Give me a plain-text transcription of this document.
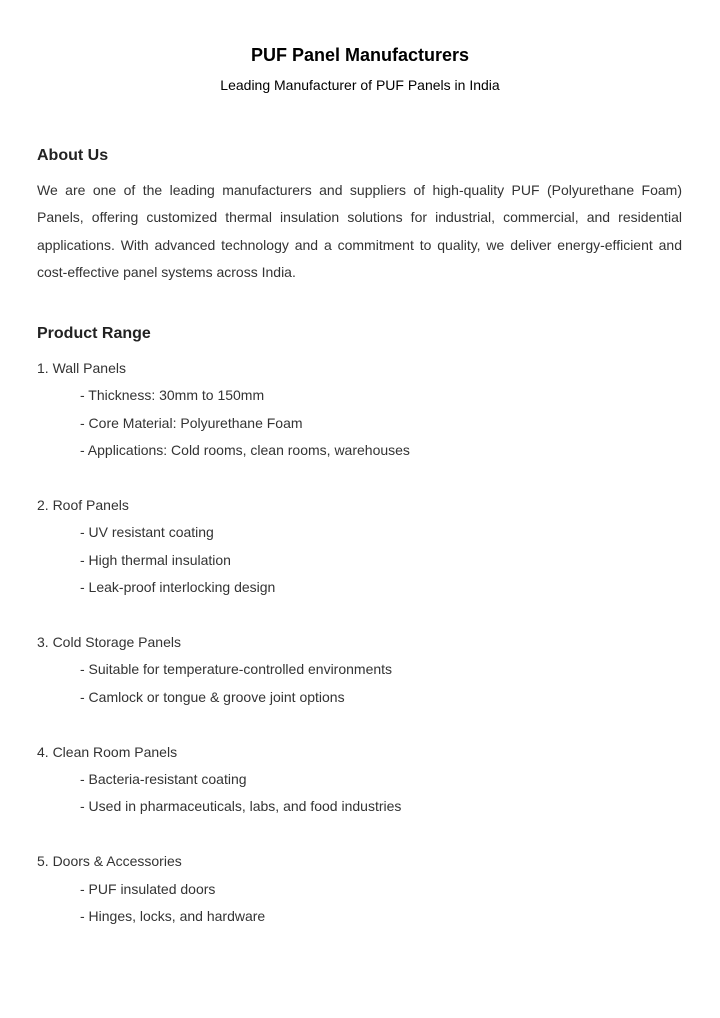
PUF Panel Manufacturers
Leading Manufacturer of PUF Panels in India
About Us

We are one of the leading manufacturers and suppliers of high-quality PUF (Polyurethane Foam) Panels, offering customized thermal insulation solutions for industrial, commercial, and residential applications. With advanced technology and a commitment to quality, we deliver energy-efficient and cost-effective panel systems across India.

Product Range
1. Wall Panels
- Thickness: 30mm to 150mm
- Core Material: Polyurethane Foam
- Applications: Cold rooms, clean rooms, warehouses
2. Roof Panels
- UV resistant coating
- High thermal insulation
- Leak-proof interlocking design
3. Cold Storage Panels
- Suitable for temperature-controlled environments
- Camlock or tongue & groove joint options
4. Clean Room Panels
- Bacteria-resistant coating
- Used in pharmaceuticals, labs, and food industries
5. Doors & Accessories
- PUF insulated doors
- Hinges, locks, and hardware
